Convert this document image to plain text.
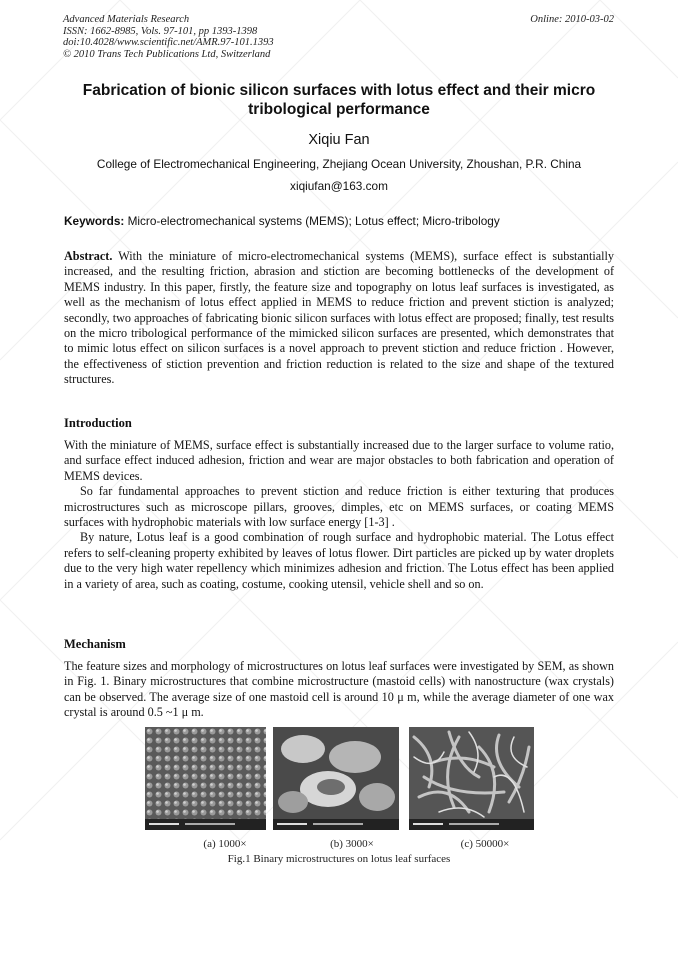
Advanced Materials Research
ISSN: 1662-8985, Vols. 97-101, pp 1393-1398
doi:10.4028/www.scientific.net/AMR.97-101.1393
© 2010 Trans Tech Publications Ltd, Switzerland
Online: 2010-03-02
Fabrication of bionic silicon surfaces with lotus effect and their micro
tribological performance
Xiqiu Fan
College of Electromechanical Engineering, Zhejiang Ocean University, Zhoushan, P.R. China
xiqiufan@163.com
Keywords: Micro-electromechanical systems (MEMS); Lotus effect; Micro-tribology

Abstract. With the miniature of micro-electromechanical systems (MEMS), surface effect is substantially increased, and the resulting friction, abrasion and stiction are becoming bottlenecks of the development of MEMS industry. In this paper, firstly, the feature size and topography on lotus leaf surfaces is investigated, as well as the mechanism of lotus effect applied in MEMS to reduce friction and prevent stiction is analyzed; secondly, two approaches of fabricating bionic silicon surfaces with lotus effect are proposed; finally, test results on the micro tribological performance of the mimicked silicon surfaces are presented, which demonstrates that to mimic lotus effect on silicon surfaces is a novel approach to prevent stiction and reduce friction . However, the effectiveness of stiction prevention and friction reduction is related to the size and shape of the textured structures.

Introduction

With the miniature of MEMS, surface effect is substantially increased due to the larger surface to volume ratio, and surface effect induced adhesion, friction and wear are major obstacles to both fabrication and operation of MEMS devices.

So far fundamental approaches to prevent stiction and reduce friction is either texturing that produces microstructures such as microscope pillars, grooves, dimples, etc on MEMS surfaces, or coating MEMS surfaces with hydrophobic materials with low surface energy [1-3] .

By nature, Lotus leaf is a good combination of rough surface and hydrophobic material. The Lotus effect refers to self-cleaning property exhibited by leaves of lotus flower. Dirt particles are picked up by water droplets due to the very high water repellency which minimizes adhesion and friction. The Lotus effect has been applied in a variety of area, such as coating, costume, cooking utensil, vehicle shell and so on.

Mechanism

The feature sizes and morphology of microstructures on lotus leaf surfaces were investigated by SEM, as shown in Fig. 1. Binary microstructures that combine microstructure (mastoid cells) with nanostructure (wax crystals) can be observed. The average size of one mastoid cell is around 10 μ m, while the average diameter of one wax crystal is around 0.5 ~1 μ m.

(a) 1000×	(b) 3000×	(c) 50000×
Fig.1 Binary microstructures on lotus leaf surfaces
